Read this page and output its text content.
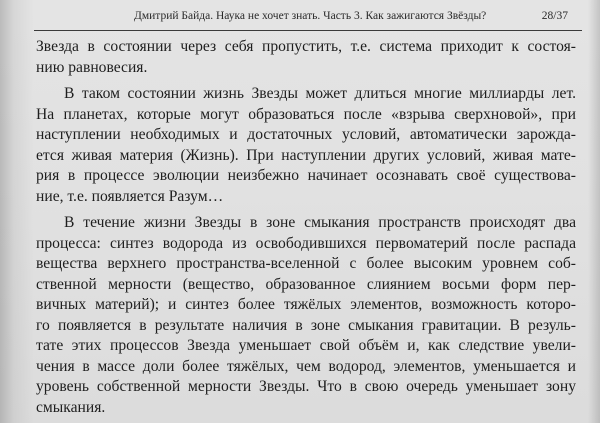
Дмитрий Байда. Наука не хочет знать. Часть 3. Как зажигаются Звёзды?	28/37

Звезда в состоянии через себя пропустить, т.е. система приходит к состоя-
нию равновесия.

В таком состоянии жизнь Звезды может длиться многие миллиарды лет.
На планетах, которые могут образоваться после «взрыва сверхновой», при
наступлении необходимых и достаточных условий, автоматически зарожда-
ется живая материя (Жизнь). При наступлении других условий, живая мате-
рия в процессе эволюции неизбежно начинает осознавать своё существова-
ние, т.е. появляется Разум…

В течение жизни Звезды в зоне смыкания пространств происходят два
процесса: синтез водорода из освободившихся первоматерий после распада
вещества верхнего пространства-вселенной с более высоким уровнем соб-
ственной мерности (вещество, образованное слиянием восьми форм пер-
вичных материй); и синтез более тяжёлых элементов, возможность которо-
го появляется в результате наличия в зоне смыкания гравитации. В резуль-
тате этих процессов Звезда уменьшает свой объём и, как следствие увели-
чения в массе доли более тяжёлых, чем водород, элементов, уменьшается и
уровень собственной мерности Звезды. Что в свою очередь уменьшает зону
смыкания.
